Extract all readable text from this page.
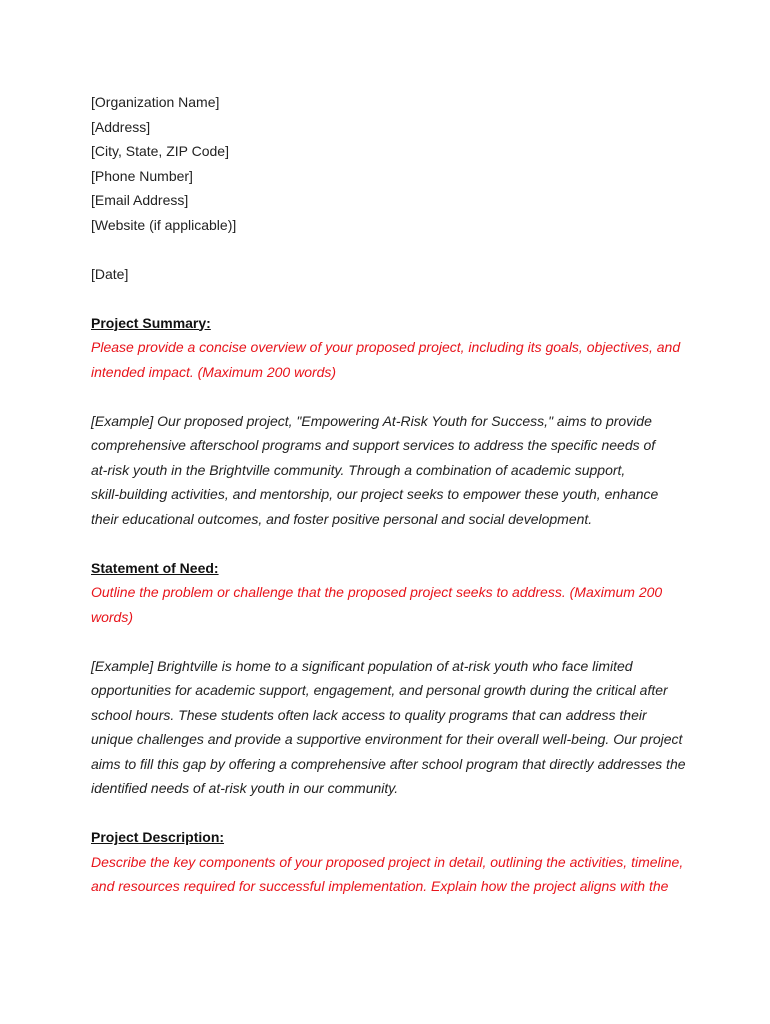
[Organization Name]
[Address]
[City, State, ZIP Code]
[Phone Number]
[Email Address]
[Website (if applicable)]
[Date]
Project Summary:
Please provide a concise overview of your proposed project, including its goals, objectives, and
intended impact. (Maximum 200 words)
[Example] Our proposed project, "Empowering At-Risk Youth for Success," aims to provide
comprehensive afterschool programs and support services to address the specific needs of
at-risk youth in the Brightville community. Through a combination of academic support,
skill-building activities, and mentorship, our project seeks to empower these youth, enhance
their educational outcomes, and foster positive personal and social development.
Statement of Need:
Outline the problem or challenge that the proposed project seeks to address. (Maximum 200
words)
[Example] Brightville is home to a significant population of at-risk youth who face limited
opportunities for academic support, engagement, and personal growth during the critical after
school hours. These students often lack access to quality programs that can address their
unique challenges and provide a supportive environment for their overall well-being. Our project
aims to fill this gap by offering a comprehensive after school program that directly addresses the
identified needs of at-risk youth in our community.
Project Description:
Describe the key components of your proposed project in detail, outlining the activities, timeline,
and resources required for successful implementation. Explain how the project aligns with the
